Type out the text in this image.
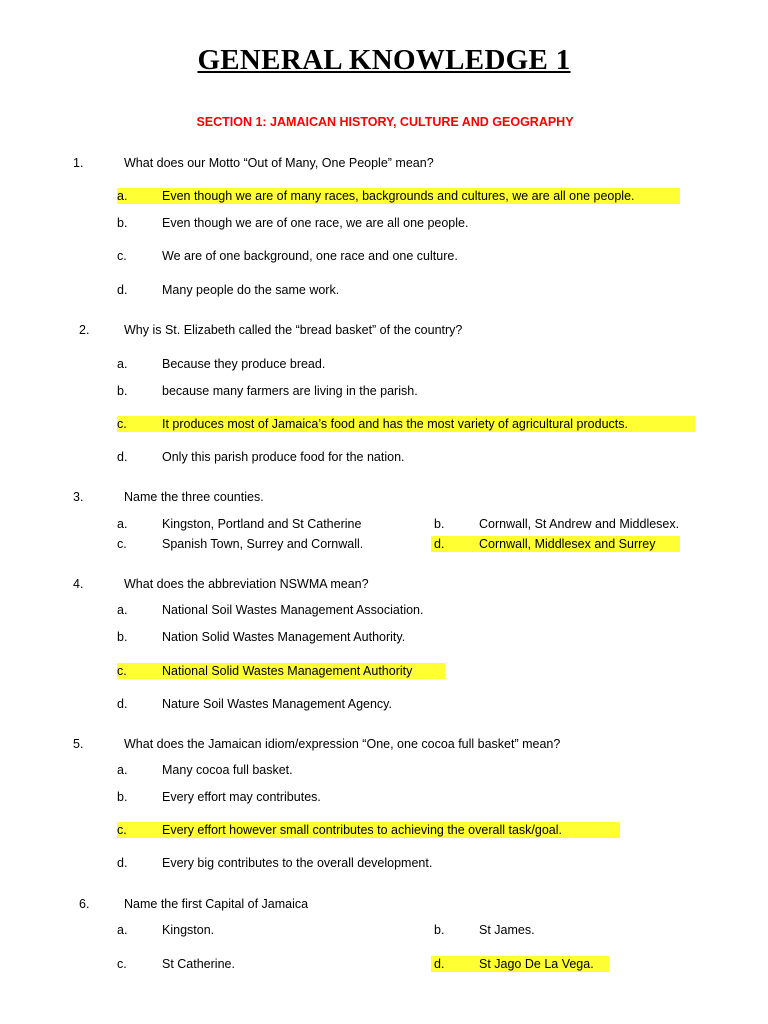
GENERAL KNOWLEDGE 1

SECTION 1: JAMAICAN HISTORY, CULTURE AND GEOGRAPHY

1.	What does our Motto “Out of Many, One People” mean?
a.	Even though we are of many races, backgrounds and cultures, we are all one people.
b.	Even though we are of one race, we are all one people.
c.	We are of one background, one race and one culture.
d.	Many people do the same work.
2.	Why is St. Elizabeth called the “bread basket” of the country?
a.	Because they produce bread.
b.	because many farmers are living in the parish.
c.	It produces most of Jamaica’s food and has the most variety of agricultural products.
d.	Only this parish produce food for the nation.
3.	Name the three counties.
a.	Kingston, Portland and St Catherine	b.	Cornwall, St Andrew and Middlesex.
c.	Spanish Town, Surrey and Cornwall.	d.	Cornwall, Middlesex and Surrey
4.	What does the abbreviation NSWMA mean?
a.	National Soil Wastes Management Association.
b.	Nation Solid Wastes Management Authority.
c.	National Solid Wastes Management Authority
d.	Nature Soil Wastes Management Agency.
5.	What does the Jamaican idiom/expression “One, one cocoa full basket” mean?
a.	Many cocoa full basket.
b.	Every effort may contributes.
c.	Every effort however small contributes to achieving the overall task/goal.
d.	Every big contributes to the overall development.
6.	Name the first Capital of Jamaica
a.	Kingston.	b.	St James.
c.	St Catherine.	d.	St Jago De La Vega.
